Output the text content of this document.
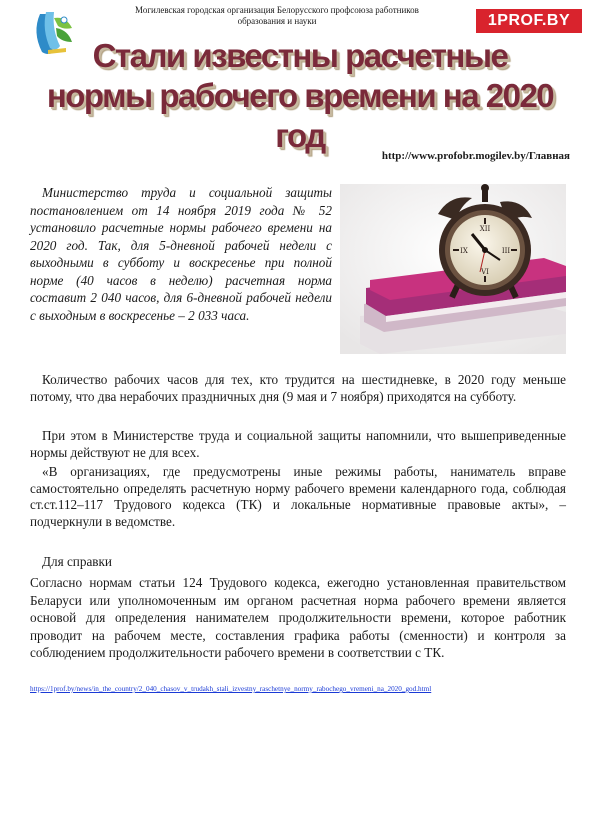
Могилевская городская организация Белорусского профсоюза работников
образования и науки	1PROF.BY
Стали известны расчетные
нормы рабочего времени на 2020 год
http://www.profobr.mogilev.by/Главная
XII
III
VI
IX

Министерство труда и социальной защиты постановлением от 14 ноября 2019 года № 52 установило расчетные нормы рабочего времени на 2020 год. Так, для 5-дневной рабочей недели с выходными в субботу и воскресенье при полной норме (40 часов в неделю) расчетная норма составит 2 040 часов, для 6-дневной рабочей недели с выходным в воскресенье – 2 033 часа.

Количество рабочих часов для тех, кто трудится на шестидневке, в 2020 году меньше потому, что два нерабочих праздничных дня (9 мая и 7 ноября) приходятся на субботу.

При этом в Министерстве труда и социальной защиты напомнили, что вышеприведенные нормы действуют не для всех.

«В организациях, где предусмотрены иные режимы работы, наниматель вправе самостоятельно определять расчетную норму рабочего времени календарного года, соблюдая ст.ст.112–117 Трудового кодекса (ТК) и локальные нормативные правовые акты», – подчеркнули в ведомстве.

Для справки

Согласно нормам статьи 124 Трудового кодекса, ежегодно установленная правительством Беларуси или уполномоченным им органом расчетная норма рабочего времени является основой для определения нанимателем продолжительности времени, которое работник проводит на рабочем месте, составления графика работы (сменности) и контроля за соблюдением продолжительности рабочего времени в соответствии с ТК.

https://1prof.by/news/in_the_country/2_040_chasov_v_trudakh_stali_izvestny_raschetnye_normy_rabochego_vremeni_na_2020_god.html
